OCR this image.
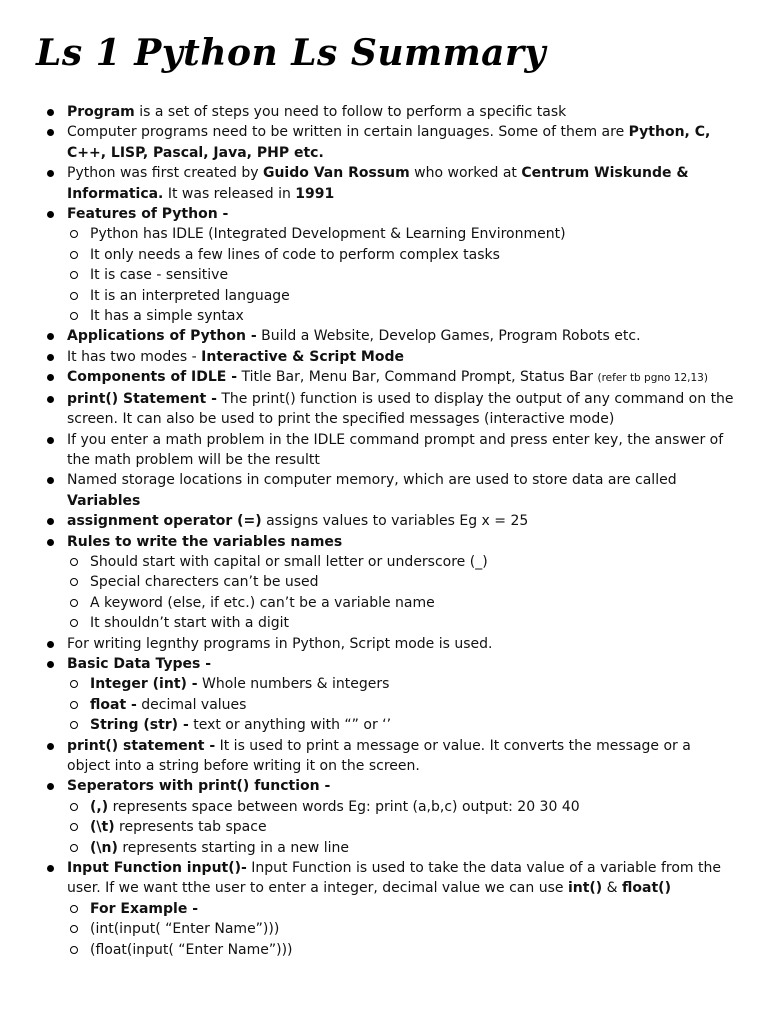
Ls 1 Python Ls Summary
Program is a set of steps you need to follow to perform a specific task
Computer programs need to be written in certain languages. Some of them are Python, C, C++, LISP, Pascal, Java, PHP etc.
Python was first created by Guido Van Rossum who worked at Centrum Wiskunde & Informatica. It was released in 1991
Features of Python -
Python has IDLE (Integrated Development & Learning Environment)
It only needs a few lines of code to perform complex tasks
It is case - sensitive
It is an interpreted language
It has a simple syntax
Applications of Python - Build a Website, Develop Games, Program Robots etc.
It has two modes - Interactive & Script Mode
Components of IDLE - Title Bar, Menu Bar, Command Prompt, Status Bar (refer tb pgno 12,13)
print() Statement - The print() function is used to display the output of any command on the screen. It can also be used to print the specified messages (interactive mode)
If you enter a math problem in the IDLE command prompt and press enter key, the answer of the math problem will be the resultt
Named storage locations in computer memory, which are used to store data are called Variables
assignment operator (=) assigns values to variables Eg x = 25
Rules to write the variables names
Should start with capital or small letter or underscore (_)
Special charecters can’t be used
A keyword (else, if etc.) can’t be a variable name
It shouldn’t start with a digit
For writing legnthy programs in Python, Script mode is used.
Basic Data Types -
Integer (int) - Whole numbers & integers
float - decimal values
String (str) - text or anything with “” or ‘’
print() statement - It is used to print a message or value. It converts the message or a object into a string before writing it on the screen.
Seperators with print() function -
(,) represents space between words Eg: print (a,b,c) output: 20 30 40
(\t) represents tab space
(\n) represents starting in a new line
Input Function input()- Input Function is used to take the data value of a variable from the user. If we want tthe user to enter a integer, decimal value we can use int() & float()
For Example -
(int(input( “Enter Name”)))
(float(input( “Enter Name”)))
